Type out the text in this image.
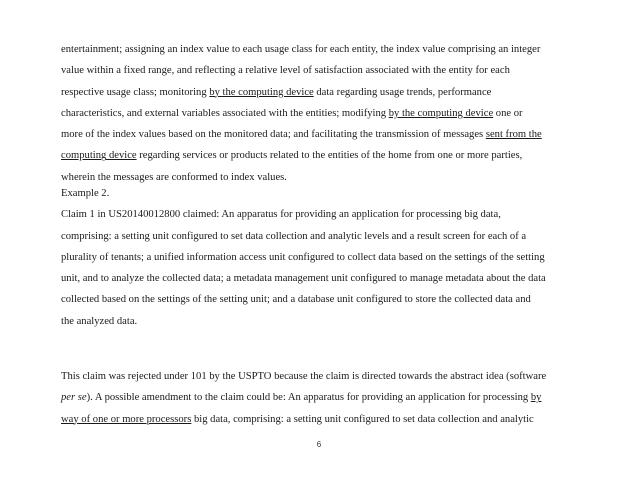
entertainment; assigning an index value to each usage class for each entity, the index value comprising an integer
value within a fixed range, and reflecting a relative level of satisfaction associated with the entity for each
respective usage class; monitoring by the computing device data regarding usage trends, performance
characteristics, and external variables associated with the entities; modifying by the computing device one or
more of the index values based on the monitored data; and facilitating the transmission of messages sent from the
computing device regarding services or products related to the entities of the home from one or more parties,
wherein the messages are conformed to index values.
Example 2.
Claim 1 in US20140012800 claimed: An apparatus for providing an application for processing big data,
comprising: a setting unit configured to set data collection and analytic levels and a result screen for each of a
plurality of tenants; a unified information access unit configured to collect data based on the settings of the setting
unit, and to analyze the collected data; a metadata management unit configured to manage metadata about the data
collected based on the settings of the setting unit; and a database unit configured to store the collected data and
the analyzed data.
This claim was rejected under 101 by the USPTO because the claim is directed towards the abstract idea (software
per se). A possible amendment to the claim could be: An apparatus for providing an application for processing by
way of one or more processors big data, comprising: a setting unit configured to set data collection and analytic
6
